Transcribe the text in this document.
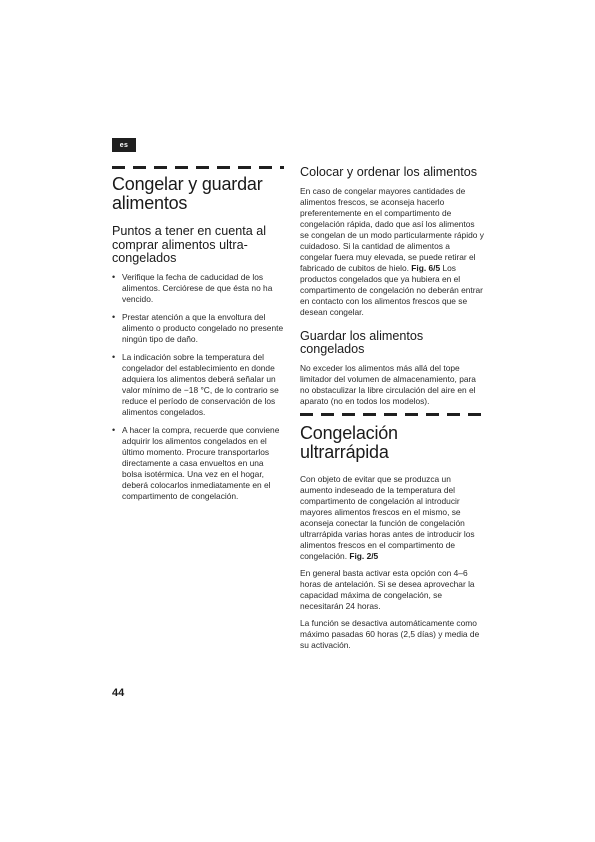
es
Congelar y guardar alimentos
Puntos a tener en cuenta al comprar alimentos ultracongelados
• Verifique la fecha de caducidad de los alimentos. Cerciórese de que ésta no ha vencido.
• Prestar atención a que la envoltura del alimento o producto congelado no presente ningún tipo de daño.
• La indicación sobre la temperatura del congelador del establecimiento en donde adquiera los alimentos deberá señalar un valor mínimo de −18 °C, de lo contrario se reduce el período de conservación de los alimentos congelados.
• A hacer la compra, recuerde que conviene adquirir los alimentos congelados en el último momento. Procure transportarlos directamente a casa envueltos en una bolsa isotérmica. Una vez en el hogar, deberá colocarlos inmediatamente en el compartimento de congelación.
Colocar y ordenar los alimentos

En caso de congelar mayores cantidades de alimentos frescos, se aconseja hacerlo preferentemente en el compartimento de congelación rápida, dado que así los alimentos se congelan de un modo particularmente rápido y cuidadoso. Si la cantidad de alimentos a congelar fuera muy elevada, se puede retirar el fabricado de cubitos de hielo. Fig. 6/5 Los productos congelados que ya hubiera en el compartimento de congelación no deberán entrar en contacto con los alimentos frescos que se desean congelar.

Guardar los alimentos congelados

No exceder los alimentos más allá del tope limitador del volumen de almacenamiento, para no obstaculizar la libre circulación del aire en el aparato (no en todos los modelos).

Congelación ultrarrápida

Con objeto de evitar que se produzca un aumento indeseado de la temperatura del compartimento de congelación al introducir mayores alimentos frescos en el mismo, se aconseja conectar la función de congelación ultrarrápida varias horas antes de introducir los alimentos frescos en el compartimento de congelación. Fig. 2/5

En general basta activar esta opción con 4–6 horas de antelación. Si se desea aprovechar la capacidad máxima de congelación, se necesitarán 24 horas.

La función se desactiva automáticamente como máximo pasadas 60 horas (2,5 días) y media de su activación.

44
